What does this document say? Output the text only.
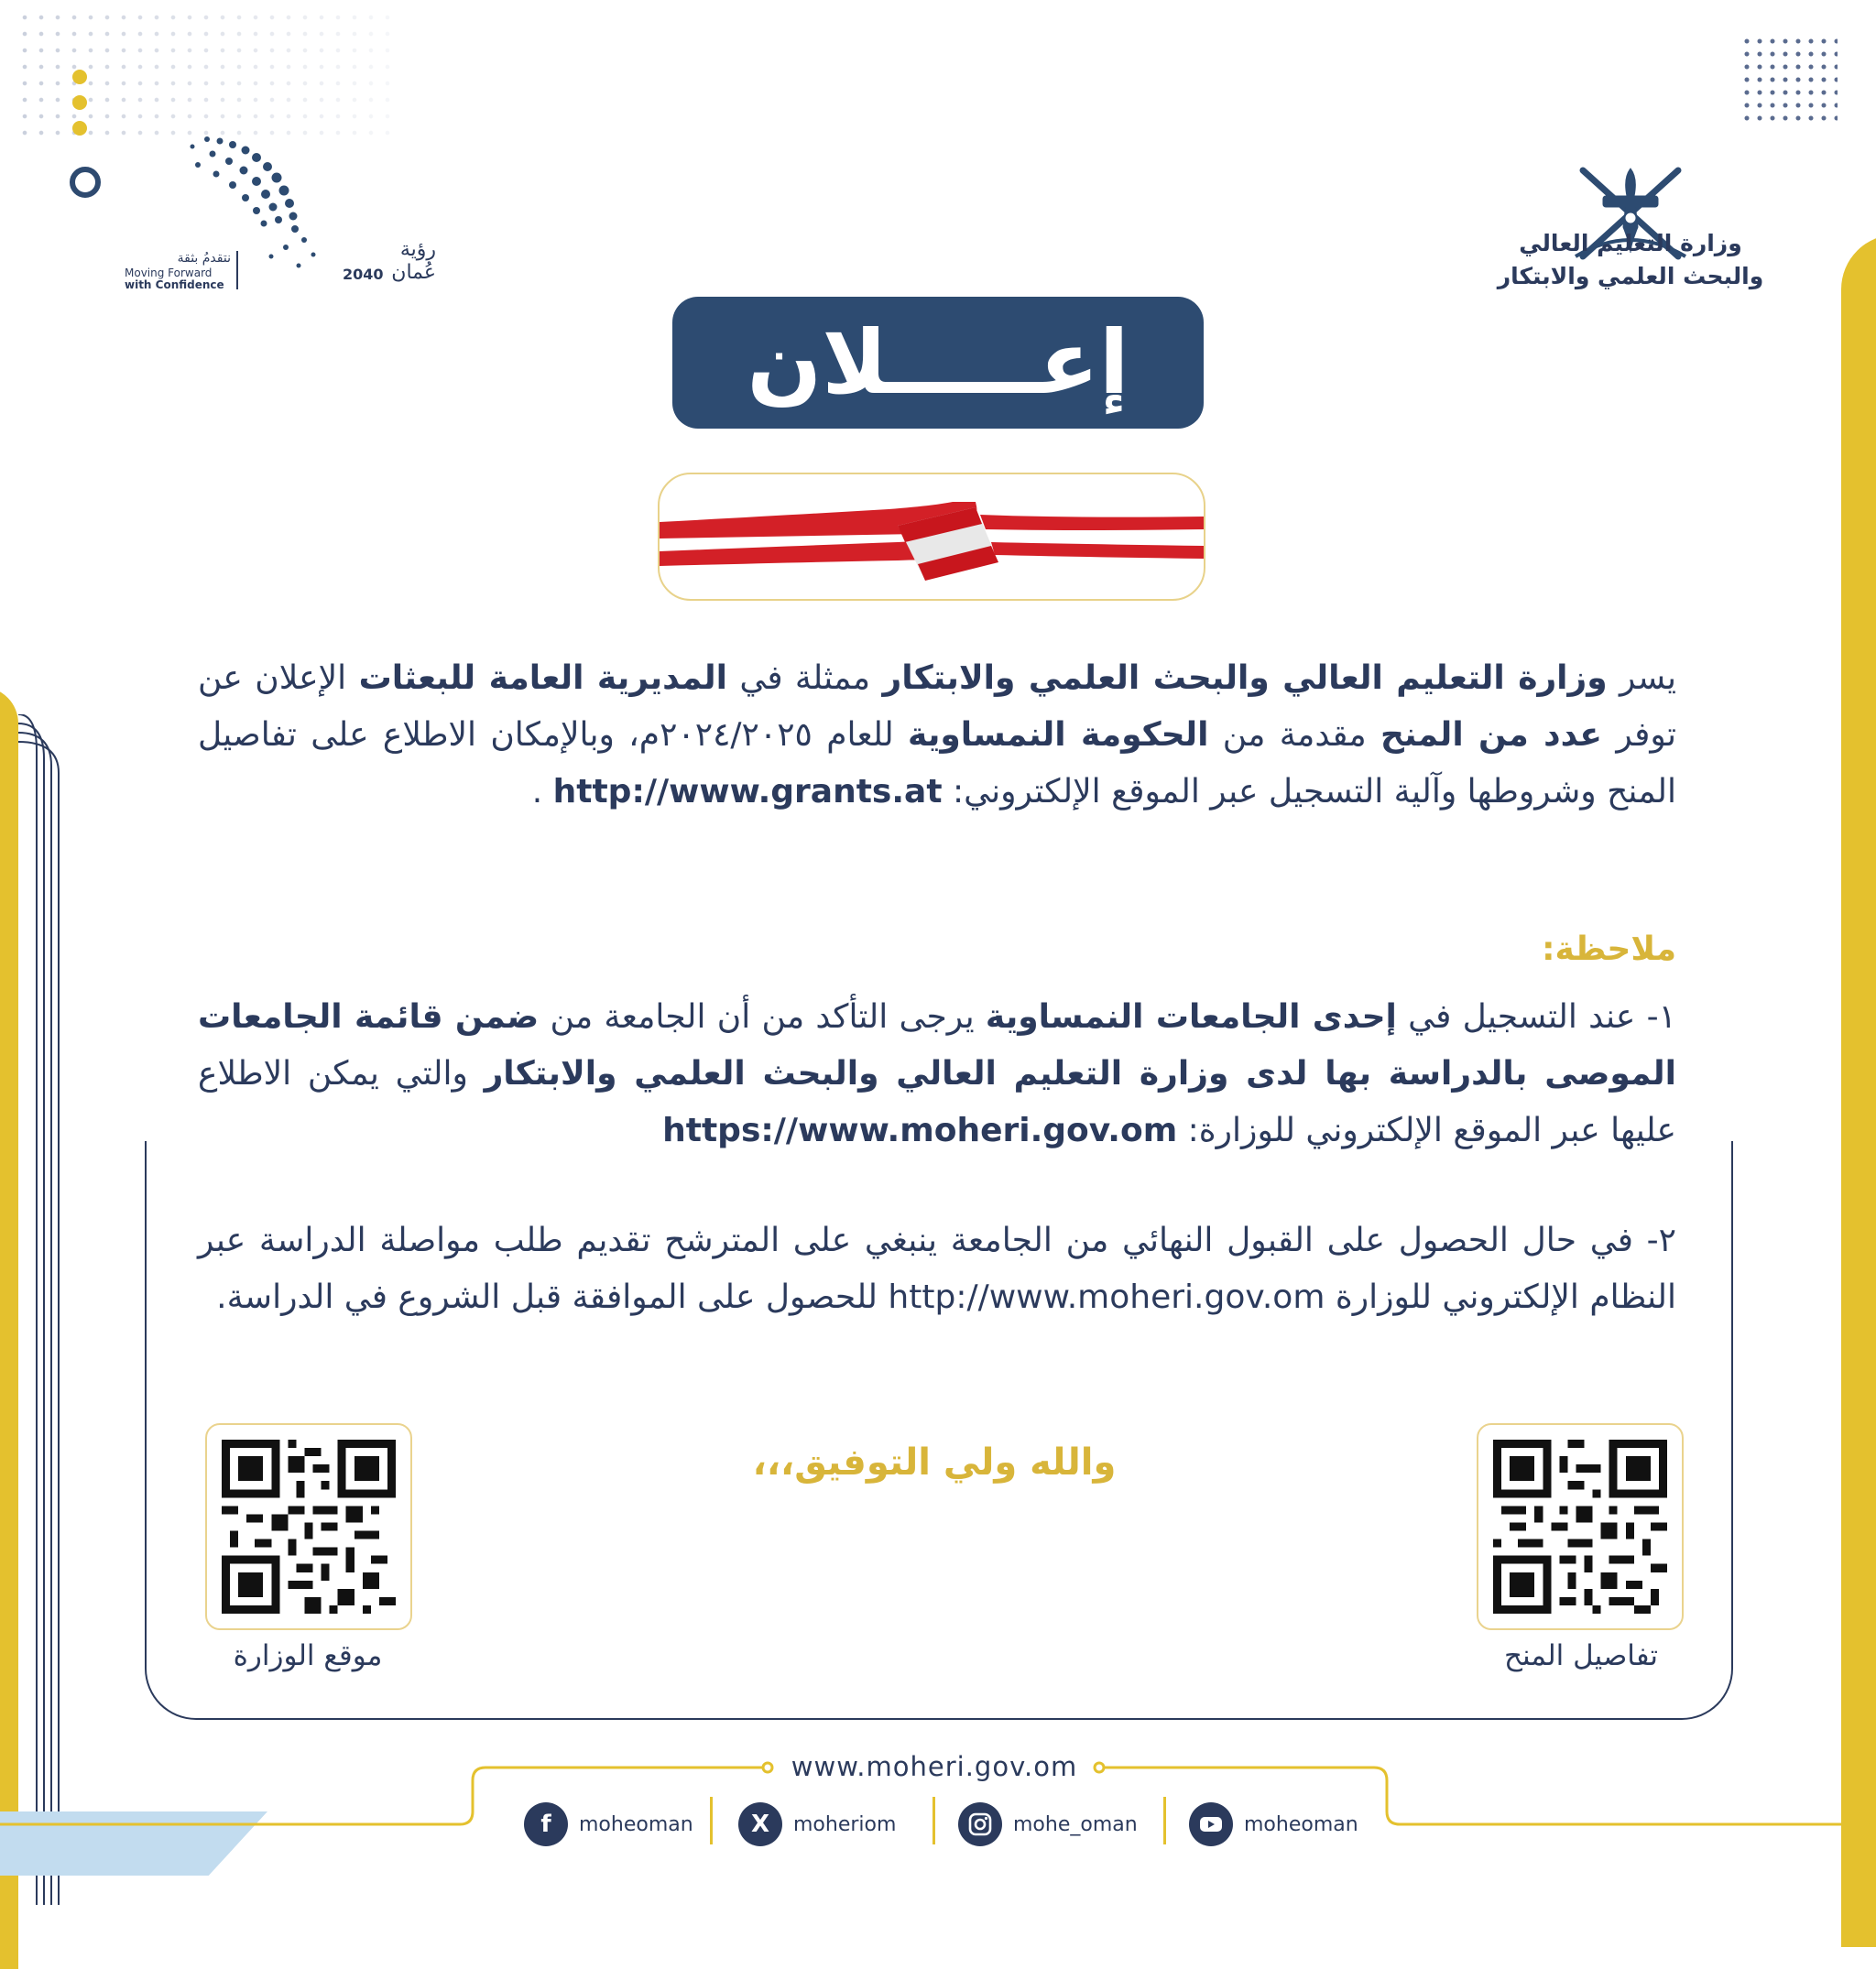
وزارة التعليم العالي
والبحث العلمي والابتكار
رؤية عُمان
2040
نتقدمُ بثقة
Moving Forward
with Confidence
إعـــــلان
يسر وزارة التعليم العالي والبحث العلمي والابتكار ممثلة في المديرية العامة للبعثات الإعلان عن توفر عدد من المنح مقدمة من الحكومة النمساوية للعام ٢٠٢٤/٢٠٢٥م، وبالإمكان الاطلاع على تفاصيل المنح وشروطها وآلية التسجيل عبر الموقع الإلكتروني: http://www.grants.at .
ملاحظة:
١- عند التسجيل في إحدى الجامعات النمساوية يرجى التأكد من أن الجامعة من ضمن قائمة الجامعات الموصى بالدراسة بها لدى وزارة التعليم العالي والبحث العلمي والابتكار والتي يمكن الاطلاع عليها عبر الموقع الإلكتروني للوزارة: https://www.moheri.gov.om
٢- في حال الحصول على القبول النهائي من الجامعة ينبغي على المترشح تقديم طلب مواصلة الدراسة عبر النظام الإلكتروني للوزارة http://www.moheri.gov.om للحصول على الموافقة قبل الشروع في الدراسة.
موقع الوزارة	تفاصيل المنح
والله ولي التوفيق،،،
www.moheri.gov.om
f	moheoman	X	moheriom	mohe_oman	moheoman
